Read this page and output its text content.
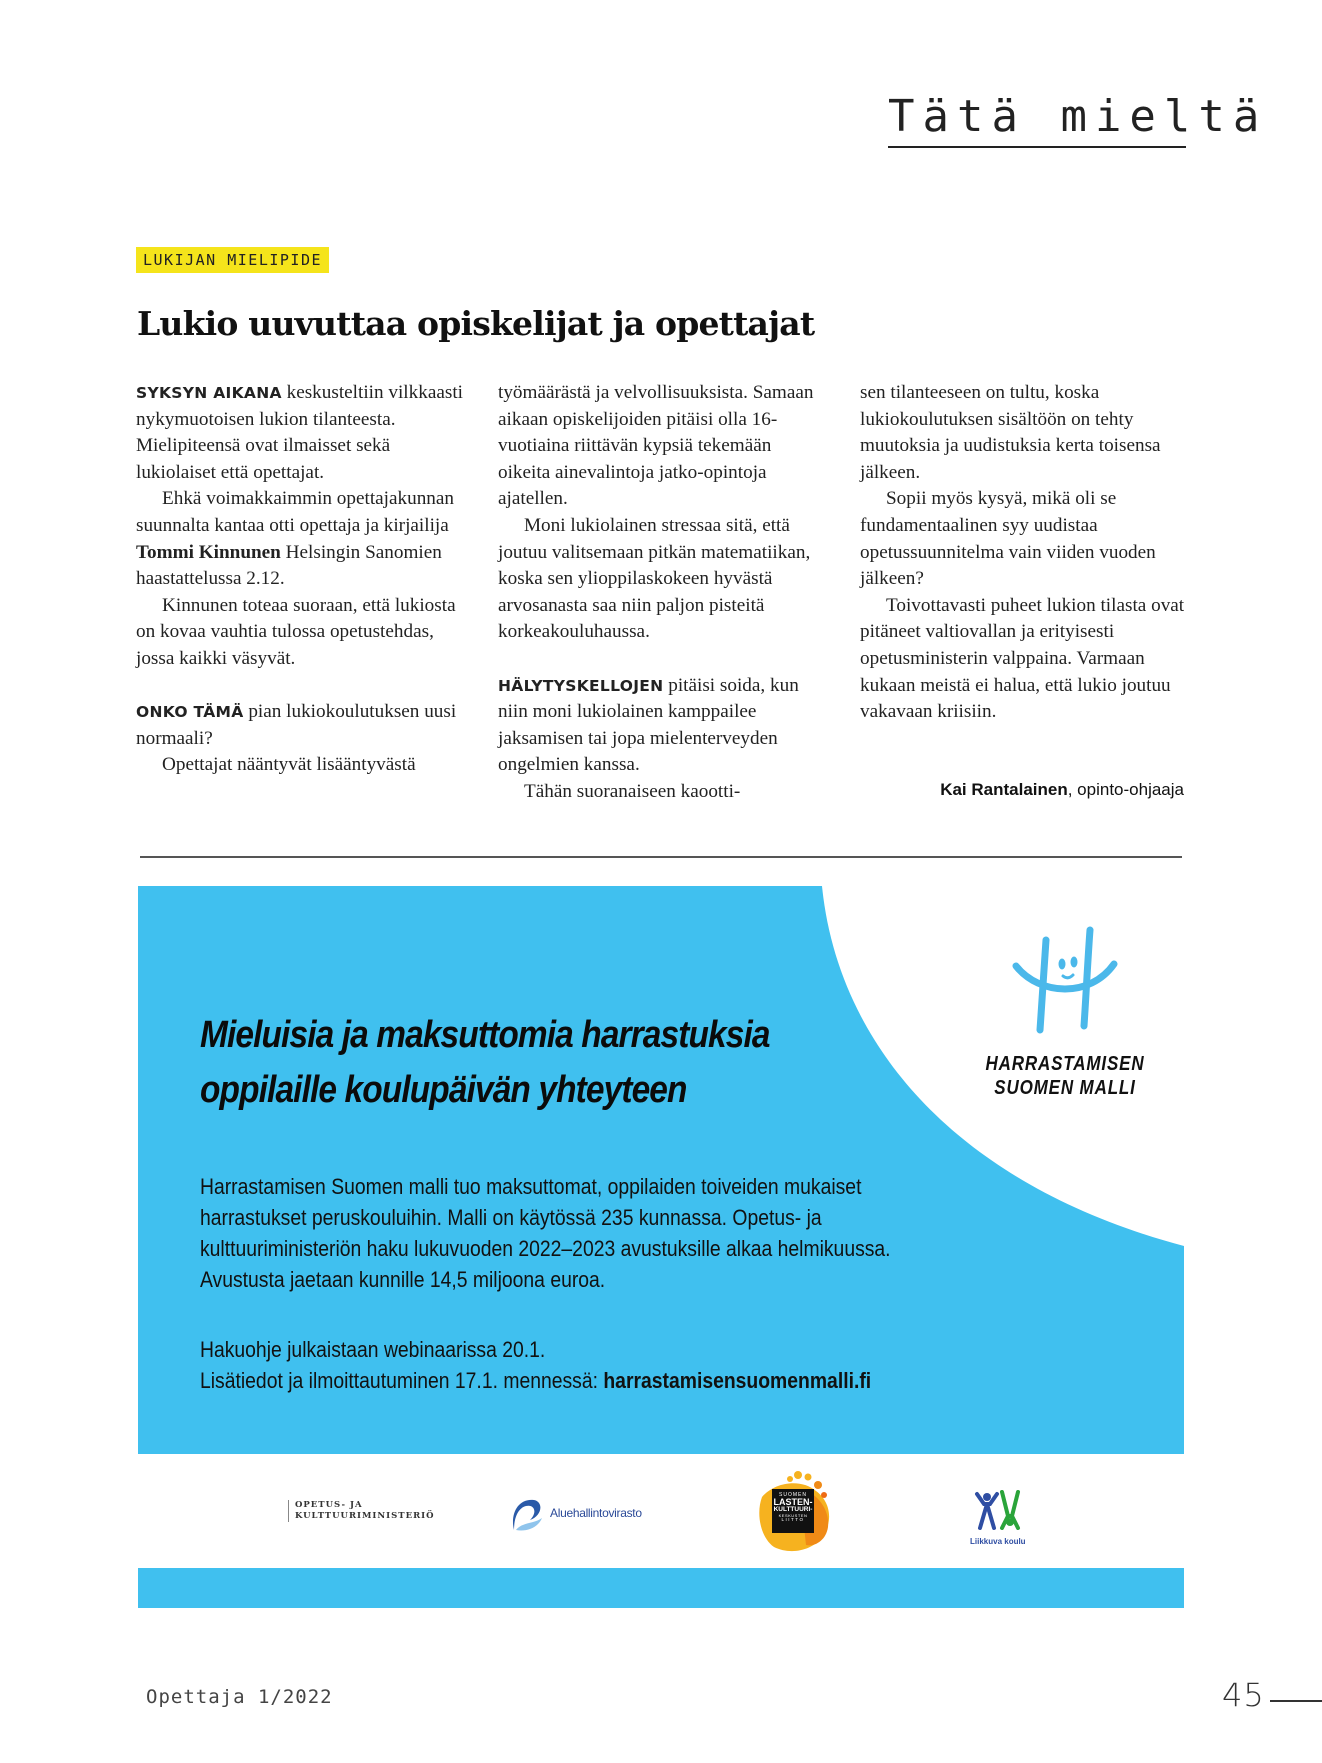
Tätä mieltä
LUKIJAN MIELIPIDE
Lukio uuvuttaa opiskelijat ja opettajat

SYKSYN AIKANA keskusteltiin vilkkaasti nykymuotoisen lukion tilanteesta. Mielipiteensä ovat ilmaisset sekä lukiolaiset että opettajat.

Ehkä voimakkaimmin opettajakunnan suunnalta kantaa otti opettaja ja kirjailija Tommi Kinnunen Helsingin Sanomien haastattelussa 2.12.

Kinnunen toteaa suoraan, että lukiosta on kovaa vauhtia tulossa opetustehdas, jossa kaikki väsyvät.

ONKO TÄMÄ pian lukiokoulutuksen uusi normaali?

Opettajat nääntyvät lisääntyvästä

työmäärästä ja velvollisuuksista. Samaan aikaan opiskelijoiden pitäisi olla 16-vuotiaina riittävän kypsiä tekemään oikeita ainevalintoja jatko-opintoja ajatellen.

Moni lukiolainen stressaa sitä, että joutuu valitsemaan pitkän matematiikan, koska sen ylioppilaskokeen hyvästä arvosanasta saa niin paljon pisteitä korkeakouluhaussa.

HÄLYTYSKELLOJEN pitäisi soida, kun niin moni lukiolainen kamppailee jaksamisen tai jopa mielenterveyden ongelmien kanssa.

Tähän suoranaiseen kaootti-

sen tilanteeseen on tultu, koska lukiokoulutuksen sisältöön on tehty muutoksia ja uudistuksia kerta toisensa jälkeen.

Sopii myös kysyä, mikä oli se fundamentaalinen syy uudistaa opetussuunnitelma vain viiden vuoden jälkeen?

Toivottavasti puheet lukion tilasta ovat pitäneet valtiovallan ja erityisesti opetusministerin valppaina. Varmaan kukaan meistä ei halua, että lukio joutuu vakavaan kriisiin.

Kai Rantalainen, opinto-ohjaaja
Mieluisia ja maksuttomia harrastuksia
oppilaille koulupäivän yhteyteen

Harrastamisen Suomen malli tuo maksuttomat, oppilaiden toiveiden mukaiset

harrastukset peruskouluihin. Malli on käytössä 235 kunnassa. Opetus- ja

kulttuuriministeriön haku lukuvuoden 2022–2023 avustuksille alkaa helmikuussa.

Avustusta jaetaan kunnille 14,5 miljoona euroa.

Hakuohje julkaistaan webinaarissa 20.1.

Lisätiedot ja ilmoittautuminen 17.1. mennessä: harrastamisensuomenmalli.fi

HARRASTAMISEN
SUOMEN MALLI
OPETUS- JA
KULTTUURIMINISTERIÖ	Aluehallintovirasto
SUOMEN
LASTEN-
KULTTUURI-
KESKUSTEN
LIITTO
Liikkuva koulu
Opettaja 1/2022	45
